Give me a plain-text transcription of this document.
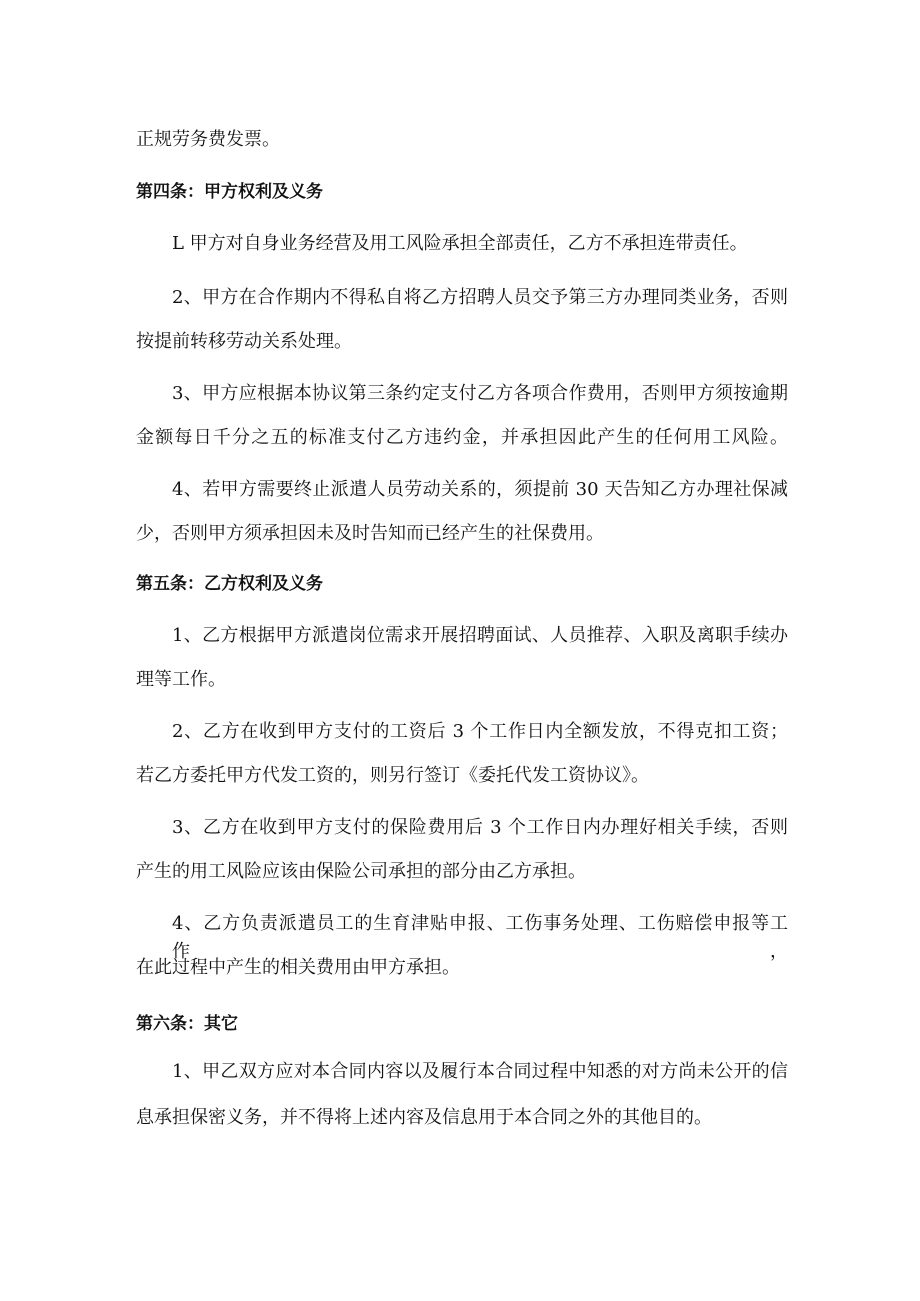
正规劳务费发票。

第四条：甲方权利及义务

L 甲方对自身业务经营及用工风险承担全部责任，乙方不承担连带责任。

2、甲方在合作期内不得私自将乙方招聘人员交予第三方办理同类业务，否则

按提前转移劳动关系处理。

3、甲方应根据本协议第三条约定支付乙方各项合作费用，否则甲方须按逾期

金额每日千分之五的标准支付乙方违约金，并承担因此产生的任何用工风险。

4、若甲方需要终止派遣人员劳动关系的，须提前 30 天告知乙方办理社保减

少，否则甲方须承担因未及时告知而已经产生的社保费用。

第五条：乙方权利及义务

1、乙方根据甲方派遣岗位需求开展招聘面试、人员推荐、入职及离职手续办

理等工作。

2、乙方在收到甲方支付的工资后 3 个工作日内全额发放，不得克扣工资；

若乙方委托甲方代发工资的，则另行签订《委托代发工资协议》。

3、乙方在收到甲方支付的保险费用后 3 个工作日内办理好相关手续，否则

产生的用工风险应该由保险公司承担的部分由乙方承担。

4、乙方负责派遣员工的生育津贴申报、工伤事务处理、工伤赔偿申报等工作，

在此过程中产生的相关费用由甲方承担。

第六条：其它

1、甲乙双方应对本合同内容以及履行本合同过程中知悉的对方尚未公开的信

息承担保密义务，并不得将上述内容及信息用于本合同之外的其他目的。
